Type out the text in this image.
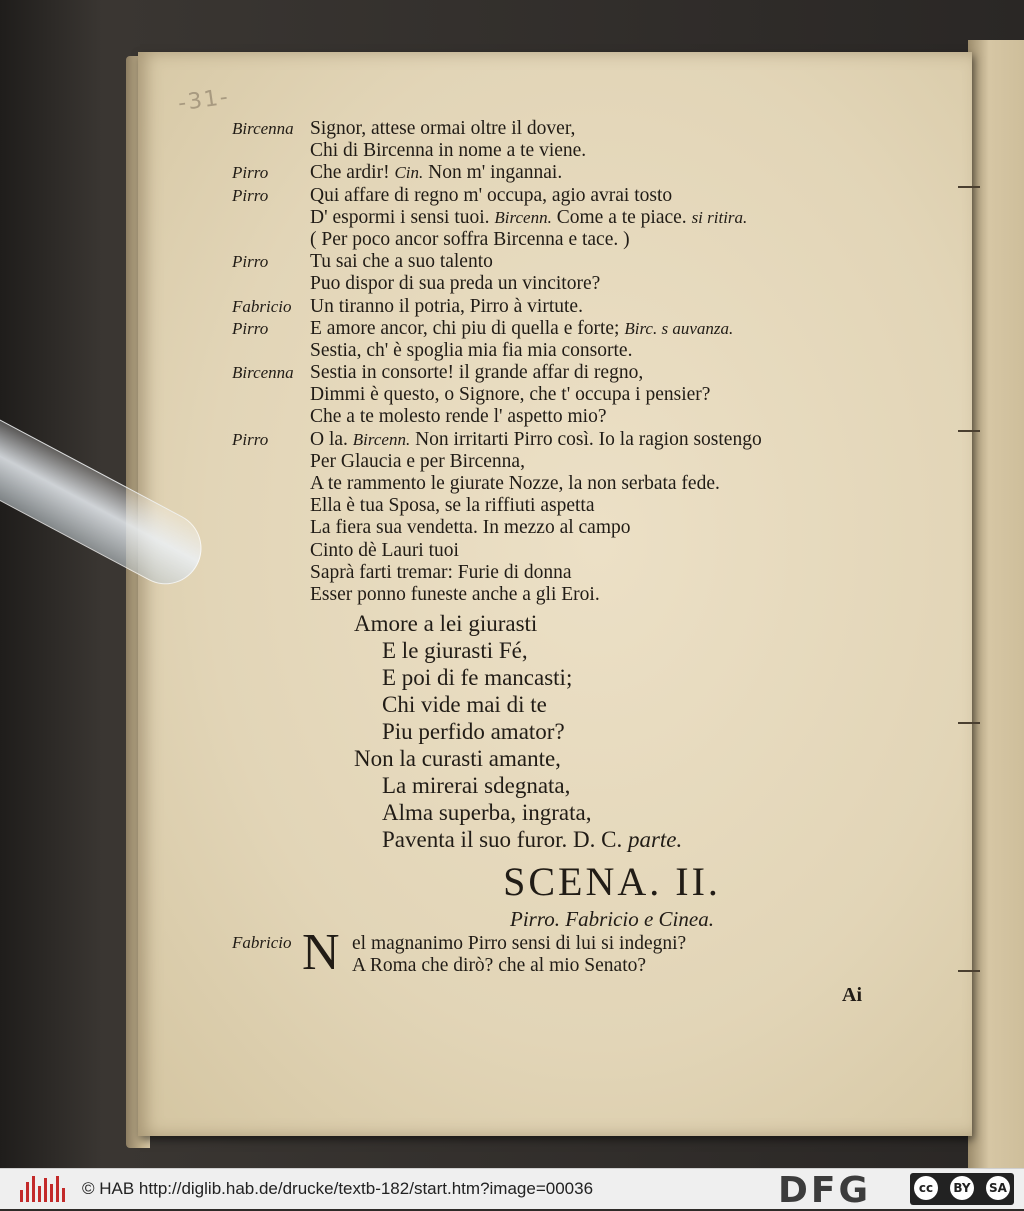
-31-
Bircenna Signor, attese ormai oltre il dover,
Chi di Bircenna in nome a te viene.
Pirro Che ardir! Cin. Non m' ingannai.
Pirro Qui affare di regno m' occupa, agio avrai tosto
D' espormi i sensi tuoi. Bircenn. Come a te piace. si ritira.
( Per poco ancor soffra Bircenna e tace. )
Pirro Tu sai che a suo talento
Puo dispor di sua preda un vincitore?
Fabricio Un tiranno il potria, Pirro à virtute.
Pirro E amore ancor, chi piu di quella e forte; Birc. s auvanza.
Sestia, ch' è spoglia mia fia mia consorte.
Bircenna Sestia in consorte! il grande affar di regno,
Dimmi è questo, o Signore, che t' occupa i pensier?
Che a te molesto rende l' aspetto mio?
Pirro O la. Bircenn. Non irritarti Pirro così. Io la ragion sostengo
Per Glaucia e per Bircenna,
A te rammento le giurate Nozze, la non serbata fede.
Ella è tua Sposa, se la riffiuti aspetta
La fiera sua vendetta. In mezzo al campo
Cinto dè Lauri tuoi
Saprà farti tremar: Furie di donna
Esser ponno funeste anche a gli Eroi.
Amore a lei giurasti
E le giurasti Fé,
E poi di fe mancasti;
Chi vide mai di te
Piu perfido amator?
Non la curasti amante,
La mirerai sdegnata,
Alma superba, ingrata,
Paventa il suo furor. D. C. parte.
SCENA. II.
Pirro. Fabricio e Cinea.
Fabricio N el magnanimo Pirro sensi di lui si indegni?
A Roma che dirò? che al mio Senato?
Ai
© HAB http://diglib.hab.de/drucke/textb-182/start.htm?image=00036	DFG	cc	BY SA
